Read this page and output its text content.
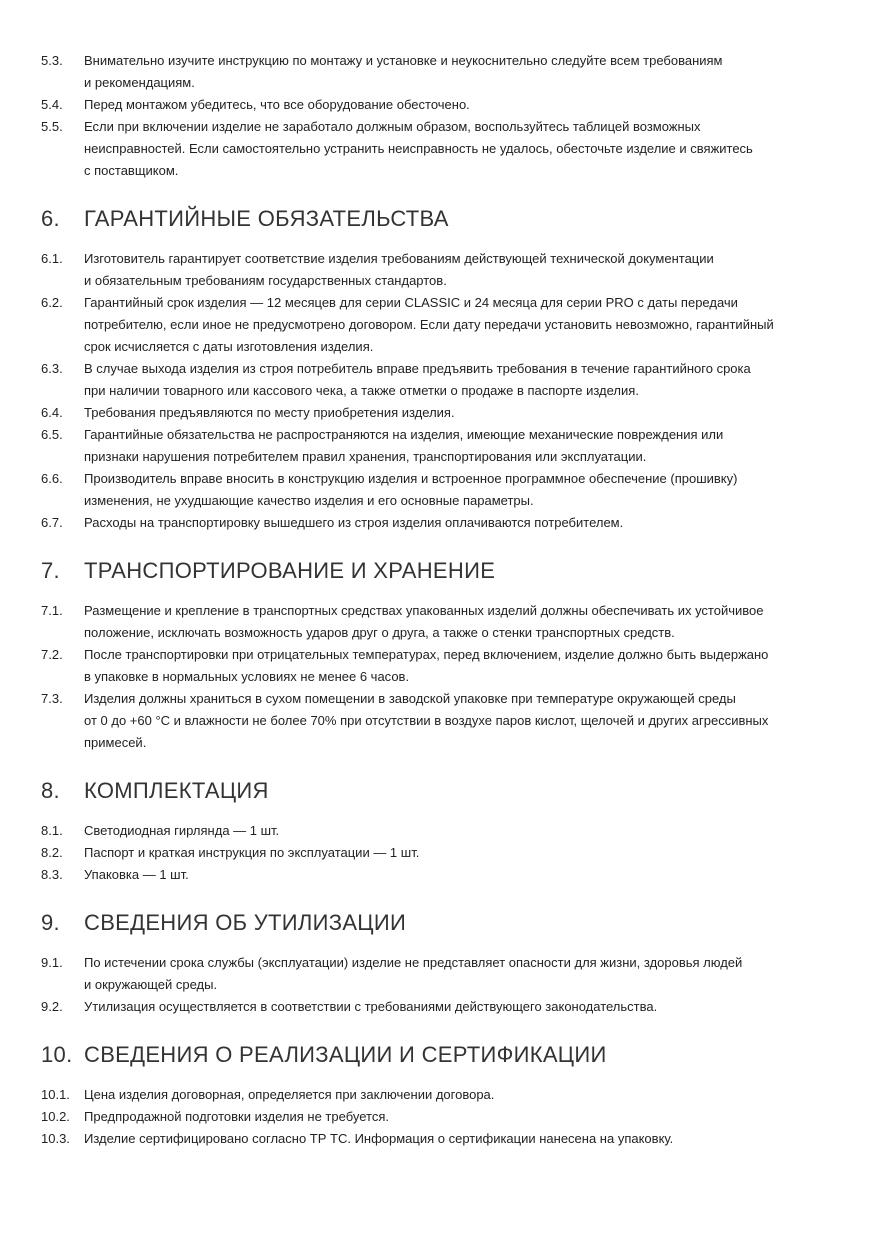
5.3. Внимательно изучите инструкцию по монтажу и установке и неукоснительно следуйте всем требованиям
и рекомендациям.
5.4. Перед монтажом убедитесь, что все оборудование обесточено.
5.5. Если при включении изделие не заработало должным образом, воспользуйтесь таблицей возможных
неисправностей. Если самостоятельно устранить неисправность не удалось, обесточьте изделие и свяжитесь
с поставщиком.
6. ГАРАНТИЙНЫЕ ОБЯЗАТЕЛЬСТВА
6.1. Изготовитель гарантирует соответствие изделия требованиям действующей технической документации
и обязательным требованиям государственных стандартов.
6.2. Гарантийный срок изделия — 12 месяцев для серии CLASSIC и 24 месяца для серии PRO с даты передачи
потребителю, если иное не предусмотрено договором. Если дату передачи установить невозможно, гарантийный
срок исчисляется с даты изготовления изделия.
6.3. В случае выхода изделия из строя потребитель вправе предъявить требования в течение гарантийного срока
при наличии товарного или кассового чека, а также отметки о продаже в паспорте изделия.
6.4. Требования предъявляются по месту приобретения изделия.
6.5. Гарантийные обязательства не распространяются на изделия, имеющие механические повреждения или
признаки нарушения потребителем правил хранения, транспортирования или эксплуатации.
6.6. Производитель вправе вносить в конструкцию изделия и встроенное программное обеспечение (прошивку)
изменения, не ухудшающие качество изделия и его основные параметры.
6.7. Расходы на транспортировку вышедшего из строя изделия оплачиваются потребителем.
7. ТРАНСПОРТИРОВАНИЕ И ХРАНЕНИЕ
7.1. Размещение и крепление в транспортных средствах упакованных изделий должны обеспечивать их устойчивое
положение, исключать возможность ударов друг о друга, а также о стенки транспортных средств.
7.2. После транспортировки при отрицательных температурах, перед включением, изделие должно быть выдержано
в упаковке в нормальных условиях не менее 6 часов.
7.3. Изделия должны храниться в сухом помещении в заводской упаковке при температуре окружающей среды
от 0 до +60 °С и влажности не более 70% при отсутствии в воздухе паров кислот, щелочей и других агрессивных
примесей.
8. КОМПЛЕКТАЦИЯ
8.1. Светодиодная гирлянда — 1 шт.
8.2. Паспорт и краткая инструкция по эксплуатации — 1 шт.
8.3. Упаковка — 1 шт.
9. СВЕДЕНИЯ ОБ УТИЛИЗАЦИИ
9.1. По истечении срока службы (эксплуатации) изделие не представляет опасности для жизни, здоровья людей
и окружающей среды.
9.2. Утилизация осуществляется в соответствии с требованиями действующего законодательства.
10. СВЕДЕНИЯ О РЕАЛИЗАЦИИ И СЕРТИФИКАЦИИ
10.1. Цена изделия договорная, определяется при заключении договора.
10.2. Предпродажной подготовки изделия не требуется.
10.3. Изделие сертифицировано согласно ТР ТС. Информация о сертификации нанесена на упаковку.
